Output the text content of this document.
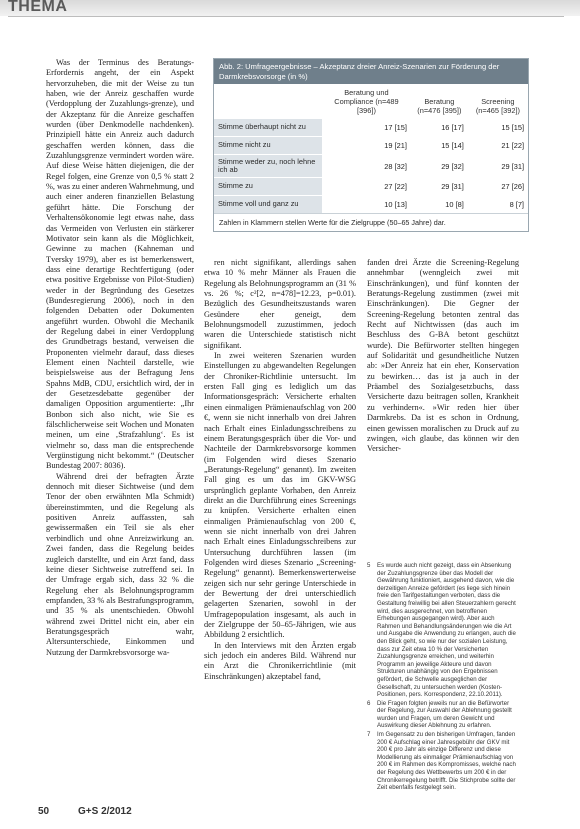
THEMA

Was der Terminus des Beratungs-Erfordernis angeht, der ein Aspekt hervorzuheben, die mit der Weise zu tun haben, wie der Anreiz geschaffen wurde (Verdopplung der Zuzahlungs-grenze), und der Akzeptanz für die Anreize geschaffen wurden (über Denkmodelle nachdenken). Prinzipiell hätte ein Anreiz auch dadurch geschaffen werden können, dass die Zuzahlungsgrenze vermindert worden wäre. Auf diese Weise hätten diejenigen, die der Regel folgen, eine Grenze von 0,5 % statt 2 %, was zu einer anderen Wahrnehmung, und auch einer anderen finanziellen Belastung geführt hätte. Die Forschung der Verhaltensökonomie legt etwas nahe, dass das Vermeiden von Verlusten ein stärkerer Motivator sein kann als die Möglichkeit, Gewinne zu machen (Kahneman und Tversky 1979), aber es ist bemerkenswert, dass eine derartige Rechtfertigung (oder etwa positive Ergebnisse von Pilot-Studien) weder in der Begründung des Gesetzes (Bundesregierung 2006), noch in den folgenden Debatten oder Dokumenten angeführt wurden. Obwohl die Mechanik der Regelung dabei in einer Verdopplung des Grundbetrags bestand, verweisen die Proponenten vielmehr darauf, dass dieses Element einen Nachteil darstelle, wie beispielsweise aus der Befragung Jens Spahns MdB, CDU, ersichtlich wird, der in der Gesetzesdebatte gegenüber der damaligen Opposition argumentierte: „Ihr Bonbon sich also nicht, wie Sie es fälschlicherweise seit Wochen und Monaten meinen, um eine ‚Strafzahlung‘. Es ist vielmehr so, dass man die entsprechende Vergünstigung nicht bekommt.“ (Deutscher Bundestag 2007: 8036).

Während drei der befragten Ärzte dennoch mit dieser Sichtweise (und dem Tenor der oben erwähnten Mla Schmidt) übereinstimmten, und die Regelung als positiven Anreiz auffassten, sah gewissermaßen ein Teil sie als eher verbindlich und ohne Anreizwirkung an. Zwei fanden, dass die Regelung beides zugleich darstellte, und ein Arzt fand, dass keine dieser Sichtweise zutreffend sei. In der Umfrage ergab sich, dass 32 % die Regelung eher als Belohnungsprogramm empfanden, 33 % als Bestrafungsprogramm, und 35 % als unentschieden. Obwohl während zwei Drittel nicht ein, aber ein Beratungsgespräch wahr, Altersunterschiede, Einkommen und Nutzung der Darmkrebsvorsorge wa-

Abb. 2: Umfrageergebnisse – Akzeptanz dreier Anreiz-Szenarien zur Förderung der Darmkrebsvorsorge (in %)
	Beratung und Compliance (n=489 [396])	Beratung (n=476 [395])	Screening (n=465 [392])
Stimme überhaupt nicht zu	17 [15]	16 [17]	15 [15]
Stimme nicht zu	19 [21]	15 [14]	21 [22]
Stimme weder zu, noch lehne ich ab	28 [32]	29 [32]	29 [31]
Stimme zu	27 [22]	29 [31]	27 [26]
Stimme voll und ganz zu	10 [13]	10 [8]	8 [7]
Zahlen in Klammern stellen Werte für die Zielgruppe (50–65 Jahre) dar.

ren nicht signifikant, allerdings sahen etwa 10 % mehr Männer als Frauen die Regelung als Belohnungsprogramm an (31 % vs. 26 %; c²[2, n=478]=12.23, p=0.01). Bezüglich des Gesundheitszustands waren Gesündere eher geneigt, dem Belohnungsmodell zuzustimmen, jedoch waren die Unterschiede statistisch nicht signifikant.

In zwei weiteren Szenarien wurden Einstellungen zu abgewandelten Regelungen der Chroniker-Richtlinie untersucht. Im ersten Fall ging es lediglich um das Informationsgespräch: Versicherte erhalten einen einmaligen Prämienaufschlag von 200 €, wenn sie nicht innerhalb von drei Jahren nach Erhalt eines Einladungsschreibens zu einem Beratungsgespräch über die Vor- und Nachteile der Darmkrebsvorsorge kommen (im Folgenden wird dieses Szenario „Beratungs-Regelung“ genannt). Im zweiten Fall ging es um das im GKV-WSG ursprünglich geplante Vorhaben, den Anreiz direkt an die Durchführung eines Screenings zu knüpfen. Versicherte erhalten einen einmaligen Prämienaufschlag von 200 €, wenn sie nicht innerhalb von drei Jahren nach Erhalt eines Einladungsschreibens zur Untersuchung durchführen lassen (im Folgenden wird dieses Szenario „Screening-Regelung“ genannt). Bemerkenswerterweise zeigen sich nur sehr geringe Unterschiede in der Bewertung der drei unterschiedlich gelagerten Szenarien, sowohl in der Umfragepopulation insgesamt, als auch in der Zielgruppe der 50–65-Jährigen, wie aus Abbildung 2 ersichtlich.

In den Interviews mit den Ärzten ergab sich jedoch ein anderes Bild. Während nur ein Arzt die Chronikerrichtlinie (mit Einschränkungen) akzeptabel fand,

fanden drei Ärzte die Screening-Regelung annehmbar (wenngleich zwei mit Einschränkungen), und fünf konnten der Beratungs-Regelung zustimmen (zwei mit Einschränkungen). Die Gegner der Screening-Regelung betonten zentral das Recht auf Nichtwissen (das auch im Beschluss des G-BA betont geschützt wurde). Die Befürworter stellten hingegen auf Solidarität und gesundheitliche Nutzen ab: »Der Anreiz hat ein eher, Konservation zu bewirken… das ist ja auch in der Präambel des Sozialgesetzbuchs, dass Versicherte dazu beitragen sollen, Krankheit zu verhindern«. »Wir reden hier über Darmkrebs. Da ist es schon in Ordnung, einen gewissen moralischen zu Druck auf zu zwingen, »ich glaube, das können wir den Versicher-

5	Es wurde auch nicht gezeigt, dass ein Absenkung der Zuzahlungsgrenze über das Modell der Gewährung funktioniert, ausgehend davon, wie die derzeitigen Anreize gefördert (es liege sich hinein freie den Tarifgestaltungen verboten, dass die Gestaltung freiwillig bei allen Steuerzahlern gerecht wird, dies ausgerechnet, von betroffenen Erhebungen ausgegangen wird). Aber auch Rahmen und Behandlungsänderungen wie die Art und Ausgabe die Anwendung zu erlangen, auch die den Blick geht, so wie nur der sozialen Leistung, dass zur Zeit etwa 10 % der Versicherten Zuzahlungsgrenze erreichen, und weiterhin Programm an jeweilige Akteure und davon Strukturen unabhängig von den Ergebnissen gefördert, die Schwelle ausgeglichen der Gesellschaft, zu untersuchen werden (Kosten-Positionen, pers. Korrespondenz, 22.10.2011).
6	Die Fragen folgten jeweils nur an die Befürworter der Regelung, zur Auswahl der Ablehnung gestellt wurden und Fragen, um deren Gewicht und Auswirkung dieser Ablehnung zu erfahren.
7	Im Gegensatz zu den bisherigen Umfragen, fanden 200 € Aufschlag einer Jahresgebühr der GKV mit 200 € pro Jahr als einzige Differenz und diese Modellierung als einmaliger Prämienaufschlag von 200 € im Rahmen des Kompromisses, welche nach der Regelung des Wettbewerbs um 200 € in der Chronikerregelung betrifft. Die Stichprobe sollte der Zeit ebenfalls festgelegt sein.
50	G+S 2/2012
